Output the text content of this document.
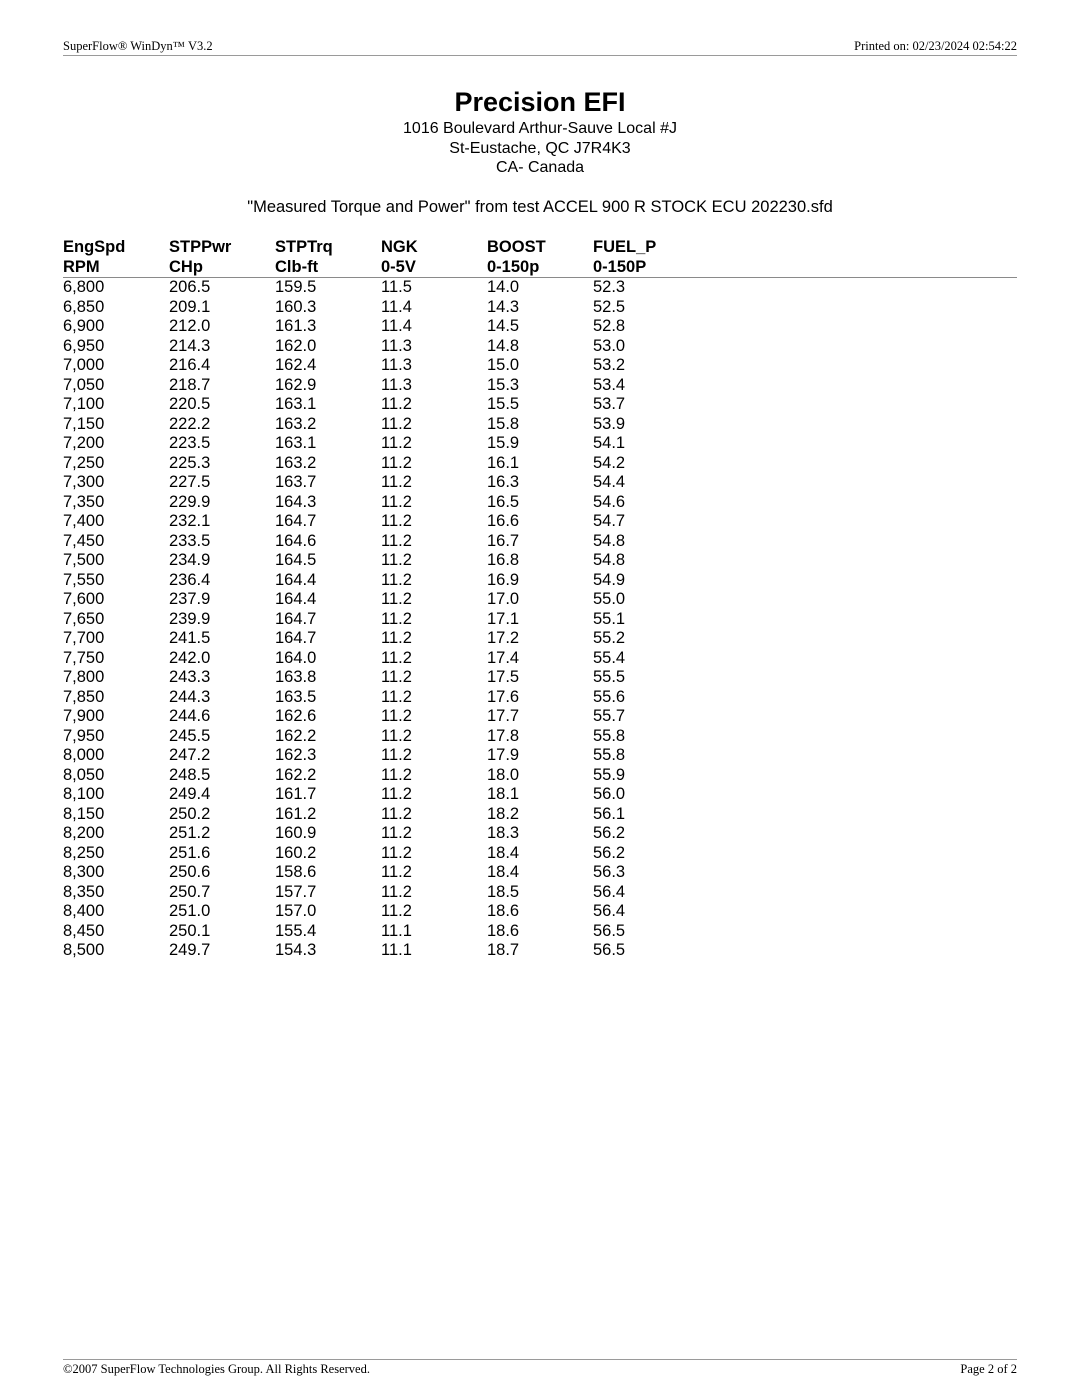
SuperFlow® WinDyn™ V3.2	Printed on: 02/23/2024 02:54:22
Precision EFI
1016 Boulevard Arthur-Sauve Local #J
St-Eustache, QC J7R4K3
CA- Canada
"Measured Torque and Power" from test ACCEL 900 R STOCK ECU 202230.sfd
EngSpd	STPPwr	STPTrq	NGK	BOOST	FUEL_P	
RPM	CHp	Clb-ft	0-5V	0-150p	0-150P	
6,800	206.5	159.5	11.5	14.0	52.3	
6,850	209.1	160.3	11.4	14.3	52.5	
6,900	212.0	161.3	11.4	14.5	52.8	
6,950	214.3	162.0	11.3	14.8	53.0	
7,000	216.4	162.4	11.3	15.0	53.2	
7,050	218.7	162.9	11.3	15.3	53.4	
7,100	220.5	163.1	11.2	15.5	53.7	
7,150	222.2	163.2	11.2	15.8	53.9	
7,200	223.5	163.1	11.2	15.9	54.1	
7,250	225.3	163.2	11.2	16.1	54.2	
7,300	227.5	163.7	11.2	16.3	54.4	
7,350	229.9	164.3	11.2	16.5	54.6	
7,400	232.1	164.7	11.2	16.6	54.7	
7,450	233.5	164.6	11.2	16.7	54.8	
7,500	234.9	164.5	11.2	16.8	54.8	
7,550	236.4	164.4	11.2	16.9	54.9	
7,600	237.9	164.4	11.2	17.0	55.0	
7,650	239.9	164.7	11.2	17.1	55.1	
7,700	241.5	164.7	11.2	17.2	55.2	
7,750	242.0	164.0	11.2	17.4	55.4	
7,800	243.3	163.8	11.2	17.5	55.5	
7,850	244.3	163.5	11.2	17.6	55.6	
7,900	244.6	162.6	11.2	17.7	55.7	
7,950	245.5	162.2	11.2	17.8	55.8	
8,000	247.2	162.3	11.2	17.9	55.8	
8,050	248.5	162.2	11.2	18.0	55.9	
8,100	249.4	161.7	11.2	18.1	56.0	
8,150	250.2	161.2	11.2	18.2	56.1	
8,200	251.2	160.9	11.2	18.3	56.2	
8,250	251.6	160.2	11.2	18.4	56.2	
8,300	250.6	158.6	11.2	18.4	56.3	
8,350	250.7	157.7	11.2	18.5	56.4	
8,400	251.0	157.0	11.2	18.6	56.4	
8,450	250.1	155.4	11.1	18.6	56.5	
8,500	249.7	154.3	11.1	18.7	56.5	
©2007 SuperFlow Technologies Group. All Rights Reserved.	Page 2 of 2
